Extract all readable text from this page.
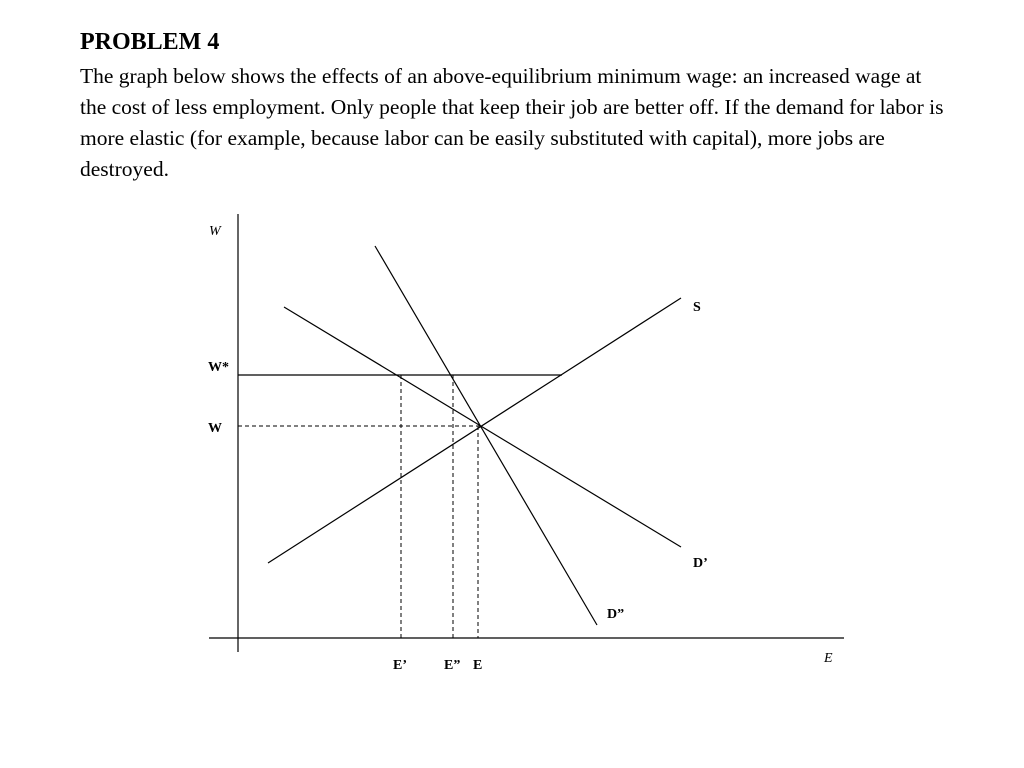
PROBLEM 4

The graph below shows the effects of an above-equilibrium minimum wage: an increased wage at the cost of less employment. Only people that keep their job are better off. If the demand for labor is more elastic (for example, because labor can be easily substituted with capital), more jobs are destroyed.

W
E
W*
W
S
D’
D”
E’	E” E
